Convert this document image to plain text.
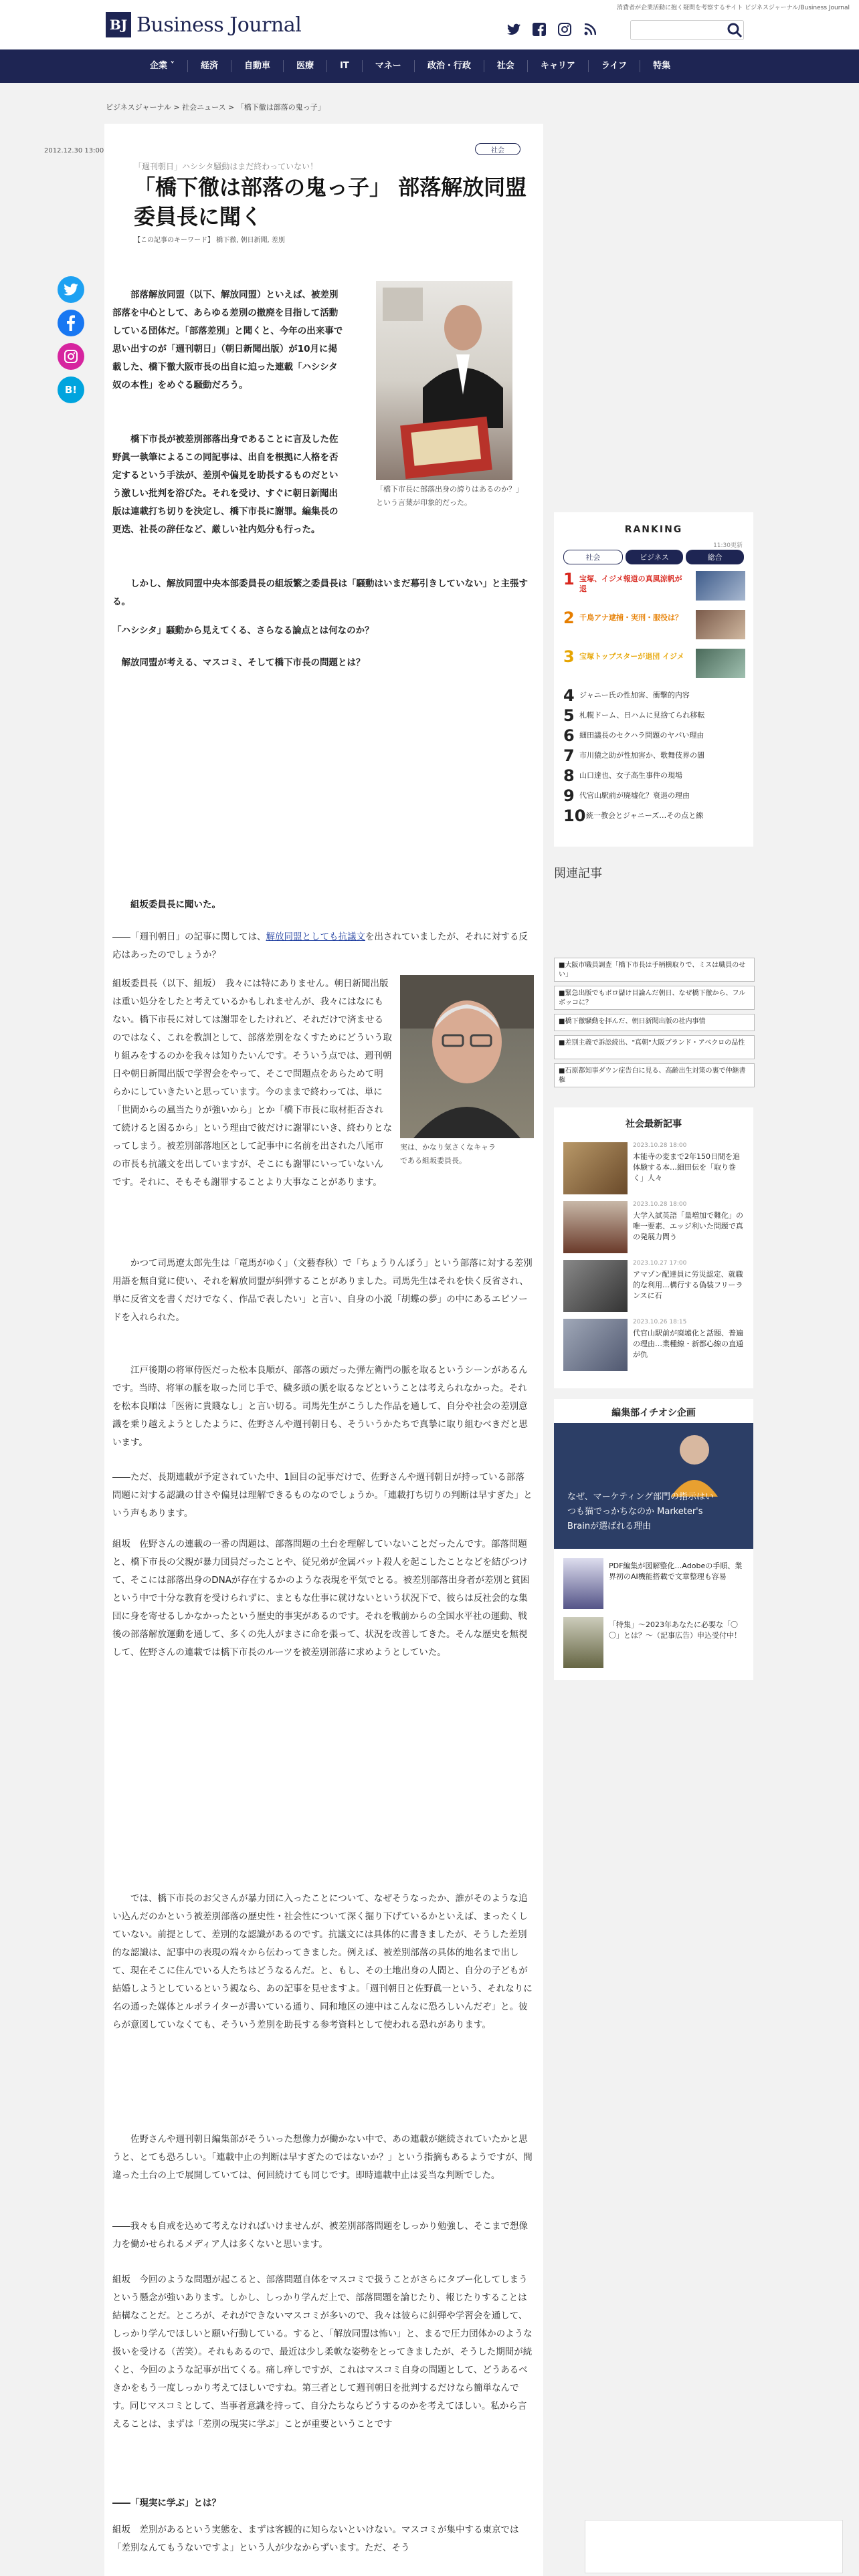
消費者が企業活動に抱く疑問を考察するサイト ビジネスジャーナル/Business Journal
BJ Business Journal
企業 ˅	経済	自動車	医療	IT	マネー	政治・行政	社会	キャリア	ライフ	特集
ビジネスジャーナル > 社会ニュース > 「橋下徹は部落の鬼っ子」
B!
2012.12.30 13:00	社会
「週刊朝日」ハシシタ騒動はまだ終わっていない！
「橋下徹は部落の鬼っ子」 部落解放同盟委員長に聞く
【この記事のキーワード】 橋下徹, 朝日新聞, 差別
「橋下市長に部落出身の誇りはあるのか？」
という言葉が印象的だった。
部落解放同盟（以下、解放同盟）といえば、被差別部落を中心として、あらゆる差別の撤廃を目指して活動している団体だ。「部落差別」と聞くと、今年の出来事で思い出すのが「週刊朝日」（朝日新聞出版）が10月に掲載した、橋下徹大阪市長の出自に迫った連載「ハシシタ 奴の本性」をめぐる騒動だろう。
橋下市長が被差別部落出身であることに言及した佐野眞一執筆によるこの同記事は、出自を根拠に人格を否定するという手法が、差別や偏見を助長するものだという激しい批判を浴びた。それを受け、すぐに朝日新聞出版は連載打ち切りを決定し、橋下市長に謝罪。編集長の更迭、社長の辞任など、厳しい社内処分も行った。
しかし、解放同盟中央本部委員長の組坂繁之委員長は「騒動はいまだ幕引きしていない」と主張する。
「ハシシタ」騒動から見えてくる、さらなる論点とは何なのか？
解放同盟が考える、マスコミ、そして橋下市長の問題とは？
組坂委員長に聞いた。
――「週刊朝日」の記事に関しては、解放同盟としても抗議文を出されていましたが、それに対する反応はあったのでしょうか？
実は、かなり気さくなキャラ
である組坂委員長。
組坂委員長（以下、組坂）　我々には特にありません。朝日新聞出版は重い処分をしたと考えているかもしれませんが、我々にはなにもない。橋下市長に対しては謝罪をしたけれど、それだけで済ませるのではなく、これを教訓として、部落差別をなくすためにどういう取り組みをするのかを我々は知りたいんです。そういう点では、週刊朝日や朝日新聞出版で学習会をやって、そこで問題点をあらためて明らかにしていきたいと思っています。今のままで終わっては、単に「世間からの風当たりが強いから」とか「橋下市長に取材拒否されて続けると困るから」という理由で彼だけに謝罪にいき、終わりとなってしまう。被差別部落地区として記事中に名前を出された八尾市の市長も抗議文を出していますが、そこにも謝罪にいっていないんです。それに、そもそも謝罪することより大事なことがあります。
かつて司馬遼太郎先生は「竜馬がゆく」（文藝春秋）で「ちょうりんぼう」という部落に対する差別用語を無自覚に使い、それを解放同盟が糾弾することがありました。司馬先生はそれを快く反省され、単に反省文を書くだけでなく、作品で表したい」と言い、自身の小説「胡蝶の夢」の中にあるエピソードを入れられた。
江戸後期の将軍侍医だった松本良順が、部落の頭だった弾左衛門の脈を取るというシーンがあるんです。当時、将軍の脈を取った同じ手で、穢多頭の脈を取るなどということは考えられなかった。それを松本良順は「医術に貴賤なし」と言い切る。司馬先生がこうした作品を通して、自分や社会の差別意識を乗り越えようとしたように、佐野さんや週刊朝日も、そういうかたちで真摯に取り組むべきだと思います。
――ただ、長期連載が予定されていた中、1回目の記事だけで、佐野さんや週刊朝日が持っている部落問題に対する認識の甘さや偏見は理解できるものなのでしょうか。「連載打ち切りの判断は早すぎた」という声もあります。
組坂　佐野さんの連載の一番の問題は、部落問題の土台を理解していないことだったんです。部落問題と、橋下市長の父親が暴力団員だったことや、従兄弟が金属バット殺人を起こしたことなどを結びつけて、そこには部落出身のDNAが存在するかのような表現を平気でとる。被差別部落出身者が差別と貧困という中で十分な教育を受けられずに、まともな仕事に就けないという状況下で、彼らは反社会的な集団に身を寄せるしかなかったという歴史的事実があるのです。それを戦前からの全国水平社の運動、戦後の部落解放運動を通して、多くの先人がまさに命を張って、状況を改善してきた。そんな歴史を無視して、佐野さんの連載では橋下市長のルーツを被差別部落に求めようとしていた。
では、橋下市長のお父さんが暴力団に入ったことについて、なぜそうなったか、誰がそのような追い込んだのかという被差別部落の歴史性・社会性について深く掘り下げているかといえば、まったくしていない。前提として、差別的な認識があるのです。抗議文には具体的に書きましたが、そうした差別的な認識は、記事中の表現の端々から伝わってきました。例えば、被差別部落の具体的地名まで出して、現在そこに住んでいる人たちはどうなるんだ。と、もし、その土地出身の人間と、自分の子どもが結婚しようとしているという親なら、あの記事を見せますよ。「週刊朝日と佐野眞一という、それなりに名の通った媒体とルポライターが書いている通り、同和地区の連中はこんなに恐ろしいんだぞ」と。彼らが意図していなくても、そういう差別を助長する参考資料として使われる恐れがあります。
佐野さんや週刊朝日編集部がそういった想像力が働かない中で、あの連載が継続されていたかと思うと、とても恐ろしい。「連載中止の判断は早すぎたのではないか？」という指摘もあるようですが、間違った土台の上で展開していては、何回続けても同じです。即時連載中止は妥当な判断でした。
――我々も自戒を込めて考えなければいけませんが、被差別部落問題をしっかり勉強し、そこまで想像力を働かせられるメディア人は多くないと思います。
組坂　今回のような問題が起こると、部落問題自体をマスコミで扱うことがさらにタブー化してしまうという懸念が強いあります。しかし、しっかり学んだ上で、部落問題を論じたり、報じたりすることは結構なことだ。ところが、それができないマスコミが多いので、我々は彼らに糾弾や学習会を通して、しっかり学んでほしいと願い行動している。すると、「解放同盟は怖い」と、まるで圧力団体かのような扱いを受ける（苦笑）。それもあるので、最近は少し柔軟な姿勢をとってきましたが、そうした期間が続くと、今回のような記事が出てくる。痛し痒しですが、これはマスコミ自身の問題として、どうあるべきかをもう一度しっかり考えてほしいですね。第三者として週刊朝日を批判するだけなら簡単なんです。同じマスコミとして、当事者意識を持って、自分たちならどうするのかを考えてほしい。私から言えることは、まずは「差別の現実に学ぶ」ことが重要ということです
――「現実に学ぶ」とは？
組坂　差別があるという実態を、まずは客観的に知らないといけない。マスコミが集中する東京では「差別なんてもうないですよ」という人が少なからずいます。ただ、そう
RANKING
11:30更新
社会	ビジネス	総合
1 宝塚、イジメ報道の真風涼帆が退
2 千鳥アナ逮捕・実刑・服役は？
3 宝塚トップスターが退団 イジメ
4 ジャニー氏の性加害、衝撃的内容
5 札幌ドーム、日ハムに見捨てられ移転
6 細田議長のセクハラ問題のヤバい理由
7 市川猿之助が性加害か、歌舞伎界の闇
8 山口達也、女子高生事件の現場
9 代官山駅前が廃墟化？衰退の理由
10 統一教会とジャニーズ…その点と線
関連記事
■大阪市職員調査「橋下市長は手柄横取りで、ミスは職員のせい」
■緊急出版でもボロ儲け目論んだ朝日、なぜ橋下徹から、フルボッコに？
■橋下徹騒動を拝んだ、朝日新聞出版の社内事情
■差別主義で訴訟続出、"真朝"大阪ブランド・アベクロの品性
■石原都知事ダウン症告白に見る、高齢出生対策の裏で仲継書権
社会最新記事
2023.10.28 18:00
本能寺の変まで2年150日間を追体験する本…細田伝を「取り巻く」人々
2023.10.28 18:00
大学入試英語「量増加で難化」の唯一要素、エッジ利いた問題で真の発展力問う
2023.10.27 17:00
アマゾン配達員に労災認定、就職的な利用…構行する偽装フリーランスに石
2023.10.26 18:15
代官山駅前が廃墟化と話題、普遍の理由…業種線・新都心線の直通が仇
編集部イチオシ企画
なぜ、マーケティング部門の指示はいつも猫でっかちなのか Marketer's Brainが選ばれる理由
PDF編集が図解整化…Adobeの手順、業界初のAI機能搭載で文章整理も容易
「特集」〜2023年あなたに必要な「〇〇」とは？〜（記事広告）申込受付中！
